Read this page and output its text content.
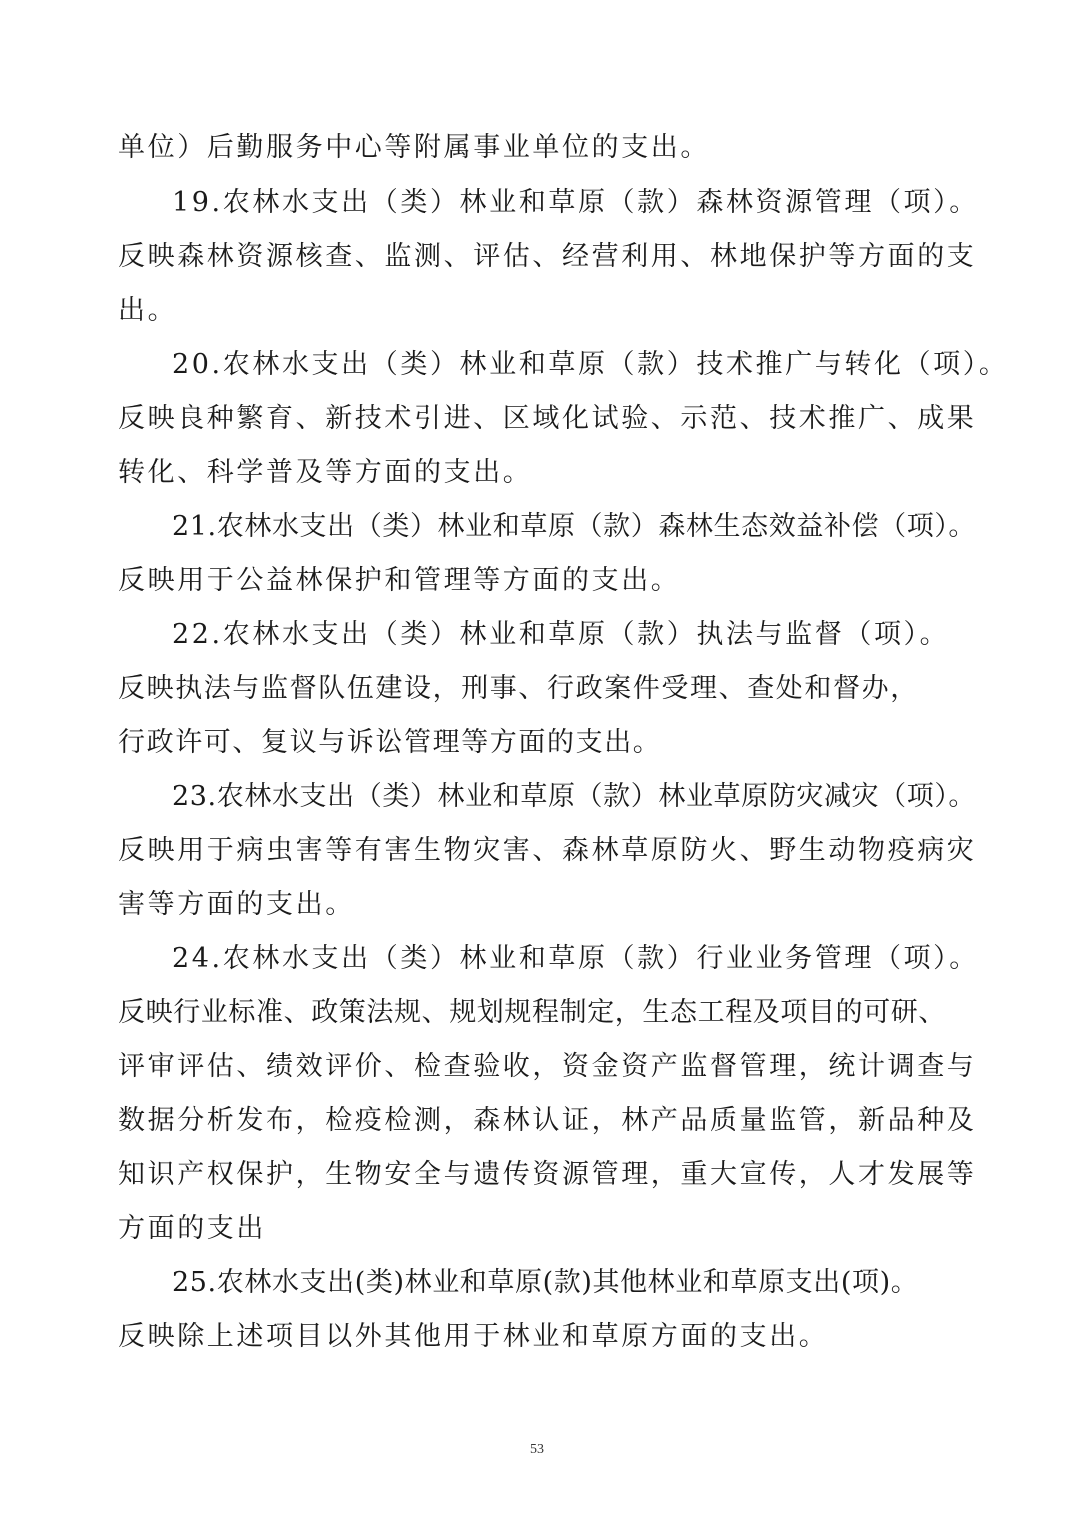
单位）后勤服务中心等附属事业单位的支出。
19.农林水支出（类）林业和草原（款）森林资源管理（项）。
反映森林资源核查、监测、评估、经营利用、林地保护等方面的支
出。
20.农林水支出（类）林业和草原（款）技术推广与转化（项）。
反映良种繁育、新技术引进、区域化试验、示范、技术推广、成果
转化、科学普及等方面的支出。
21.农林水支出（类）林业和草原（款）森林生态效益补偿（项）。
反映用于公益林保护和管理等方面的支出。
22.农林水支出（类）林业和草原（款）执法与监督（项）。
反映执法与监督队伍建设，刑事、行政案件受理、查处和督办，
行政许可、复议与诉讼管理等方面的支出。
23.农林水支出（类）林业和草原（款）林业草原防灾减灾（项）。
反映用于病虫害等有害生物灾害、森林草原防火、野生动物疫病灾
害等方面的支出。
24.农林水支出（类）林业和草原（款）行业业务管理（项）。
反映行业标准、政策法规、规划规程制定，生态工程及项目的可研、
评审评估、绩效评价、检查验收，资金资产监督管理，统计调查与
数据分析发布，检疫检测，森林认证，林产品质量监管，新品种及
知识产权保护，生物安全与遗传资源管理，重大宣传，人才发展等
方面的支出
25.农林水支出(类)林业和草原(款)其他林业和草原支出(项)。
反映除上述项目以外其他用于林业和草原方面的支出。
53
